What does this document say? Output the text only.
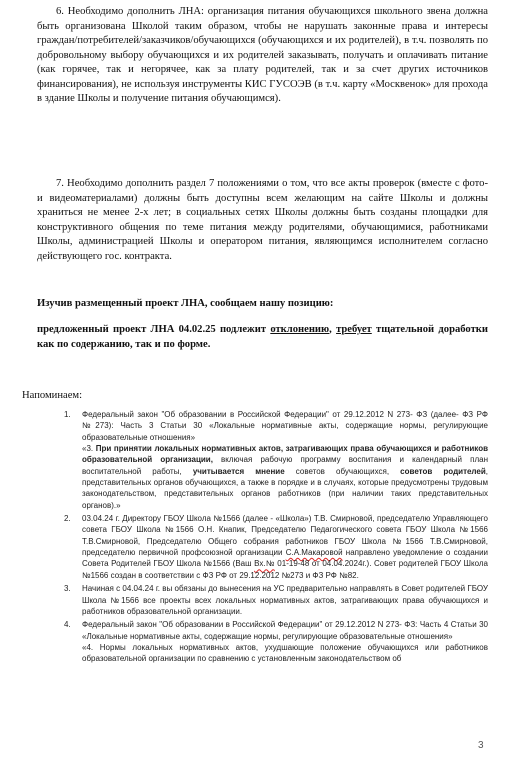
6. Необходимо дополнить ЛНА: организация питания обучающихся школьного звена должна быть организована Школой таким образом, чтобы не нарушать законные права и интересы граждан/потребителей/заказчиков/обучающихся (обучающихся и их родителей), в т.ч. позволять по добровольному выбору обучающихся и их родителей заказывать, получать и оплачивать питание (как горячее, так и негорячее, как за плату родителей, так и за счет других источников финансирования), не используя инструменты КИС ГУСОЭВ (в т.ч. карту «Москвенок» для прохода в здание Школы и получение питания обучающимся).

7. Необходимо дополнить раздел 7 положениями о том, что все акты проверок (вместе с фото- и видеоматериалами) должны быть доступны всем желающим на сайте Школы и должны храниться не менее 2-х лет; в социальных сетях Школы должны быть созданы площадки для конструктивного общения по теме питания между родителями, обучающимися, работниками Школы, администрацией Школы и оператором питания, являющимся исполнителем согласно действующего гос. контракта.

Изучив размещенный проект ЛНА, сообщаем нашу позицию:

предложенный проект ЛНА 04.02.25 подлежит отклонению, требует тщательной доработки как по содержанию, так и по форме.

Напоминаем:

1. Федеральный закон "Об образовании в Российской Федерации" от 29.12.2012 N 273- ФЗ (далее- ФЗ РФ №273): Часть 3 Статьи 30 «Локальные нормативные акты, содержащие нормы, регулирующие образовательные отношения»
«3. При принятии локальных нормативных актов, затрагивающих права обучающихся и работников образовательной организации, включая рабочую программу воспитания и календарный план воспитательной работы, учитывается мнение советов обучающихся, советов родителей, представительных органов обучающихся, а также в порядке и в случаях, которые предусмотрены трудовым законодательством, представительных органов работников (при наличии таких представительных органов).»
2. 03.04.24 г. Директору ГБОУ Школа №1566 (далее - «Школа») Т.В. Смирновой, председателю Управляющего совета ГБОУ Школа №1566 О.Н. Кнапик, Председателю Педагогического совета ГБОУ Школа №1566 Т.В.Смирновой, Председателю Общего собрания работников ГБОУ Школа №1566 Т.В.Смирновой, председателю первичной профсоюзной организации С.А.Макаровой направлено уведомление о создании Совета Родителей ГБОУ Школа №1566 (Ваш Вх.№ 01-19-48 от 04.04.2024г.). Совет родителей ГБОУ Школа №1566 создан в соответствии с ФЗ РФ от 29.12.2012 №273 и ФЗ РФ №82.
3. Начиная с 04.04.24 г. вы обязаны до вынесения на УС предварительно направлять в Совет родителей ГБОУ Школа №1566 все проекты всех локальных нормативных актов, затрагивающих права обучающихся и работников образовательной организации.
4. Федеральный закон "Об образовании в Российской Федерации" от 29.12.2012 N 273- ФЗ: Часть 4 Статьи 30 «Локальные нормативные акты, содержащие нормы, регулирующие образовательные отношения»
«4. Нормы локальных нормативных актов, ухудшающие положение обучающихся или работников образовательной организации по сравнению с установленным законодательством об
3
